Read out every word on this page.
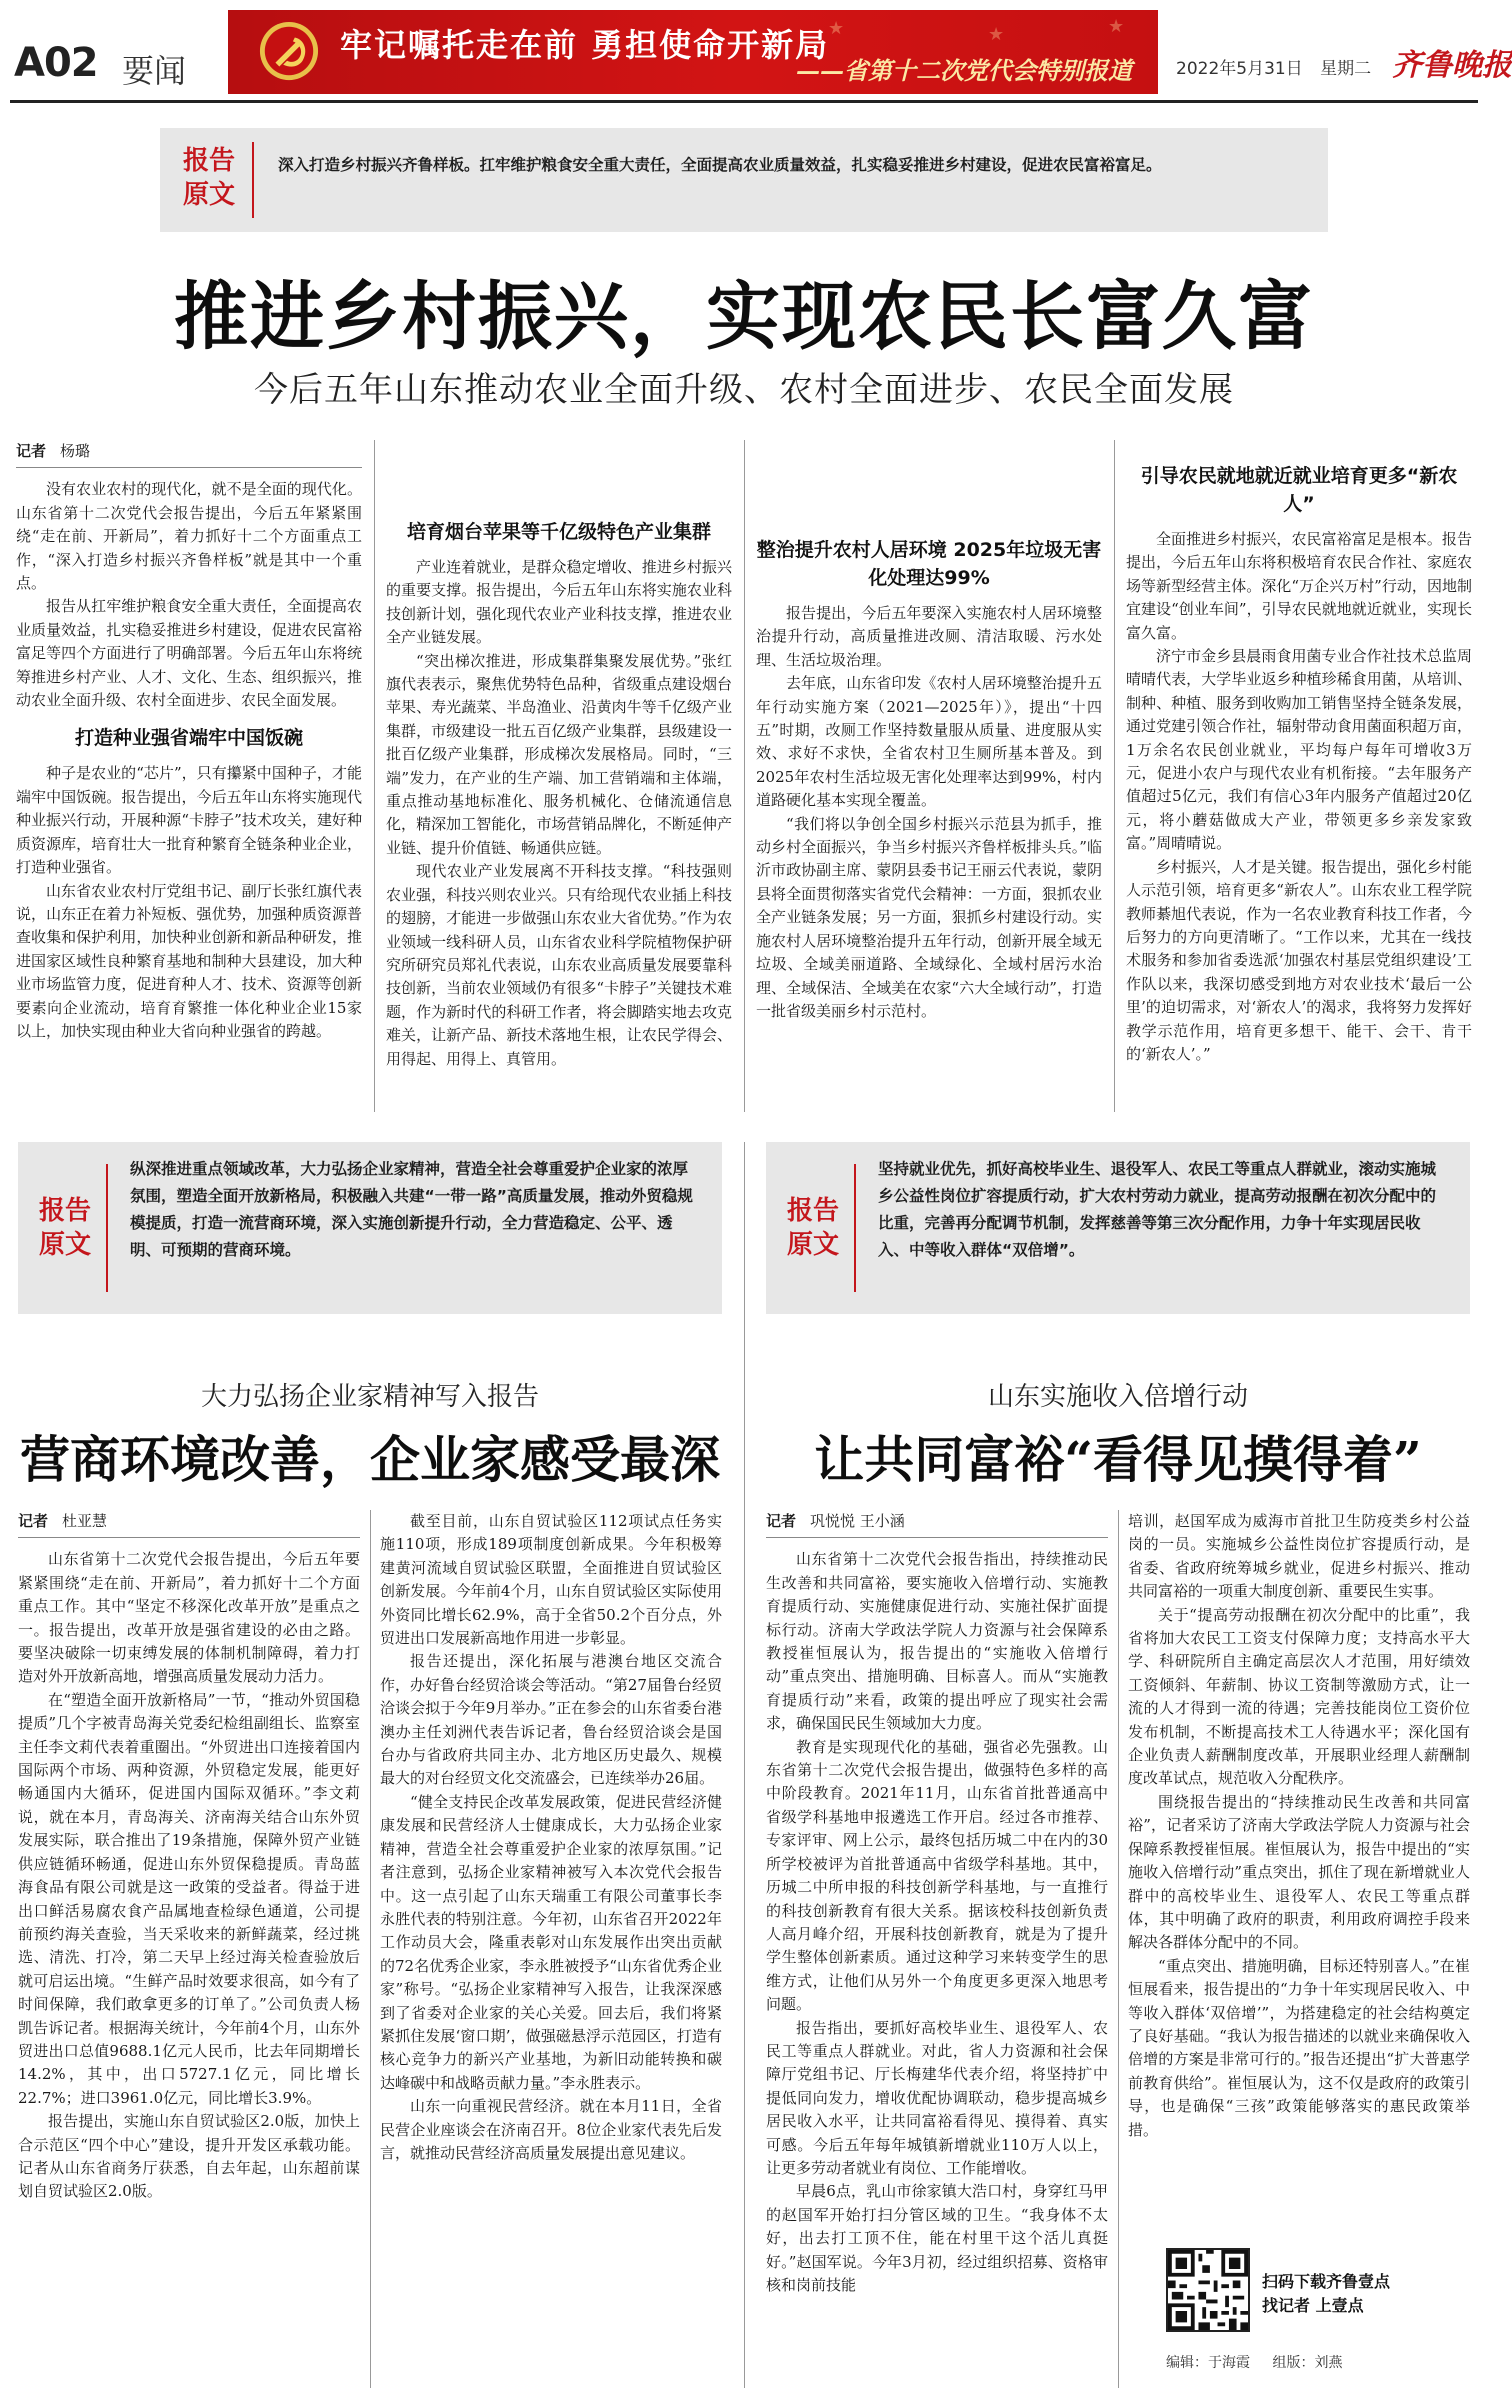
A02 要闻
★	★	★
牢记嘱托走在前 勇担使命开新局
——省第十二次党代会特别报道	2022年5月31日 星期二 齐鲁晚报
报告原文
深入打造乡村振兴齐鲁样板。扛牢维护粮食安全重大责任，全面提高农业质量效益，扎实稳妥推进乡村建设，促进农民富裕富足。
推进乡村振兴，实现农民长富久富
今后五年山东推动农业全面升级、农村全面进步、农民全面发展
记者 杨璐

没有农业农村的现代化，就不是全面的现代化。山东省第十二次党代会报告提出，今后五年紧紧围绕“走在前、开新局”，着力抓好十二个方面重点工作，“深入打造乡村振兴齐鲁样板”就是其中一个重点。

报告从扛牢维护粮食安全重大责任，全面提高农业质量效益，扎实稳妥推进乡村建设，促进农民富裕富足等四个方面进行了明确部署。今后五年山东将统筹推进乡村产业、人才、文化、生态、组织振兴，推动农业全面升级、农村全面进步、农民全面发展。

打造种业强省端牢中国饭碗

种子是农业的“芯片”，只有攥紧中国种子，才能端牢中国饭碗。报告提出，今后五年山东将实施现代种业振兴行动，开展种源“卡脖子”技术攻关，建好种质资源库，培育壮大一批育种繁育全链条种业企业，打造种业强省。

山东省农业农村厅党组书记、副厅长张红旗代表说，山东正在着力补短板、强优势，加强种质资源普查收集和保护利用，加快种业创新和新品种研发，推进国家区域性良种繁育基地和制种大县建设，加大种业市场监管力度，促进育种人才、技术、资源等创新要素向企业流动，培育育繁推一体化种业企业15家以上，加快实现由种业大省向种业强省的跨越。

培育烟台苹果等千亿级特色产业集群

产业连着就业，是群众稳定增收、推进乡村振兴的重要支撑。报告提出，今后五年山东将实施农业科技创新计划，强化现代农业产业科技支撑，推进农业全产业链发展。

“突出梯次推进，形成集群集聚发展优势。”张红旗代表表示，聚焦优势特色品种，省级重点建设烟台苹果、寿光蔬菜、半岛渔业、沿黄肉牛等千亿级产业集群，市级建设一批五百亿级产业集群，县级建设一批百亿级产业集群，形成梯次发展格局。同时，“三端”发力，在产业的生产端、加工营销端和主体端，重点推动基地标准化、服务机械化、仓储流通信息化，精深加工智能化，市场营销品牌化，不断延伸产业链、提升价值链、畅通供应链。

现代农业产业发展离不开科技支撑。“科技强则农业强，科技兴则农业兴。只有给现代农业插上科技的翅膀，才能进一步做强山东农业大省优势。”作为农业领域一线科研人员，山东省农业科学院植物保护研究所研究员郑礼代表说，山东农业高质量发展要靠科技创新，当前农业领域仍有很多“卡脖子”关键技术难题，作为新时代的科研工作者，将会脚踏实地去攻克难关，让新产品、新技术落地生根，让农民学得会、用得起、用得上、真管用。

整治提升农村人居环境 2025年垃圾无害化处理达99%

报告提出，今后五年要深入实施农村人居环境整治提升行动，高质量推进改厕、清洁取暖、污水处理、生活垃圾治理。

去年底，山东省印发《农村人居环境整治提升五年行动实施方案（2021—2025年）》，提出“十四五”时期，改厕工作坚持数量服从质量、进度服从实效、求好不求快，全省农村卫生厕所基本普及。到2025年农村生活垃圾无害化处理率达到99%，村内道路硬化基本实现全覆盖。

“我们将以争创全国乡村振兴示范县为抓手，推动乡村全面振兴，争当乡村振兴齐鲁样板排头兵。”临沂市政协副主席、蒙阴县委书记王丽云代表说，蒙阴县将全面贯彻落实省党代会精神：一方面，狠抓农业全产业链条发展；另一方面，狠抓乡村建设行动。实施农村人居环境整治提升五年行动，创新开展全域无垃圾、全域美丽道路、全域绿化、全域村居污水治理、全域保洁、全域美在农家“六大全域行动”，打造一批省级美丽乡村示范村。

引导农民就地就近就业培育更多“新农人”

全面推进乡村振兴，农民富裕富足是根本。报告提出，今后五年山东将积极培育农民合作社、家庭农场等新型经营主体。深化“万企兴万村”行动，因地制宜建设“创业车间”，引导农民就地就近就业，实现长富久富。

济宁市金乡县晨雨食用菌专业合作社技术总监周晴晴代表，大学毕业返乡种植珍稀食用菌，从培训、制种、种植、服务到收购加工销售坚持全链条发展，通过党建引领合作社，辐射带动食用菌面积超万亩，1万余名农民创业就业，平均每户每年可增收3万元，促进小农户与现代农业有机衔接。“去年服务产值超过5亿元，我们有信心3年内服务产值超过20亿元，将小蘑菇做成大产业，带领更多乡亲发家致富。”周晴晴说。

乡村振兴，人才是关键。报告提出，强化乡村能人示范引领，培育更多“新农人”。山东农业工程学院教师綦旭代表说，作为一名农业教育科技工作者，今后努力的方向更清晰了。“工作以来，尤其在一线技术服务和参加省委选派‘加强农村基层党组织建设’工作队以来，我深切感受到地方对农业技术‘最后一公里’的迫切需求，对‘新农人’的渴求，我将努力发挥好教学示范作用，培育更多想干、能干、会干、肯干的‘新农人’。”

报告原文
纵深推进重点领域改革，大力弘扬企业家精神，营造全社会尊重爱护企业家的浓厚氛围，塑造全面开放新格局，积极融入共建“一带一路”高质量发展，推动外贸稳规模提质，打造一流营商环境，深入实施创新提升行动，全力营造稳定、公平、透明、可预期的营商环境。
报告原文
坚持就业优先，抓好高校毕业生、退役军人、农民工等重点人群就业，滚动实施城乡公益性岗位扩容提质行动，扩大农村劳动力就业，提高劳动报酬在初次分配中的比重，完善再分配调节机制，发挥慈善等第三次分配作用，力争十年实现居民收入、中等收入群体“双倍增”。
大力弘扬企业家精神写入报告
营商环境改善，企业家感受最深
记者 杜亚慧

山东省第十二次党代会报告提出，今后五年要紧紧围绕“走在前、开新局”，着力抓好十二个方面重点工作。其中“坚定不移深化改革开放”是重点之一。报告提出，改革开放是强省建设的必由之路。要坚决破除一切束缚发展的体制机制障碍，着力打造对外开放新高地，增强高质量发展动力活力。

在“塑造全面开放新格局”一节，“推动外贸国稳提质”几个字被青岛海关党委纪检组副组长、监察室主任李文莉代表着重圈出。“外贸进出口连接着国内国际两个市场、两种资源，外贸稳定发展，能更好畅通国内大循环，促进国内国际双循环。”李文莉说，就在本月，青岛海关、济南海关结合山东外贸发展实际，联合推出了19条措施，保障外贸产业链供应链循环畅通，促进山东外贸保稳提质。青岛蓝海食品有限公司就是这一政策的受益者。得益于进出口鲜活易腐农食产品属地查检绿色通道，公司提前预约海关查验，当天采收来的新鲜蔬菜，经过挑选、清洗、打冷，第二天早上经过海关检查验放后就可启运出境。“生鲜产品时效要求很高，如今有了时间保障，我们敢拿更多的订单了。”公司负责人杨凯告诉记者。根据海关统计，今年前4个月，山东外贸进出口总值9688.1亿元人民币，比去年同期增长14.2%，其中，出口5727.1亿元，同比增长22.7%；进口3961.0亿元，同比增长3.9%。

报告提出，实施山东自贸试验区2.0版，加快上合示范区“四个中心”建设，提升开发区承载功能。记者从山东省商务厅获悉，自去年起，山东超前谋划自贸试验区2.0版。

截至目前，山东自贸试验区112项试点任务实施110项，形成189项制度创新成果。今年积极筹建黄河流域自贸试验区联盟，全面推进自贸试验区创新发展。今年前4个月，山东自贸试验区实际使用外资同比增长62.9%，高于全省50.2个百分点，外贸进出口发展新高地作用进一步彰显。

报告还提出，深化拓展与港澳台地区交流合作，办好鲁台经贸洽谈会等活动。“第27届鲁台经贸洽谈会拟于今年9月举办。”正在参会的山东省委台港澳办主任刘洲代表告诉记者，鲁台经贸洽谈会是国台办与省政府共同主办、北方地区历史最久、规模最大的对台经贸文化交流盛会，已连续举办26届。

“健全支持民企改革发展政策，促进民营经济健康发展和民营经济人士健康成长，大力弘扬企业家精神，营造全社会尊重爱护企业家的浓厚氛围。”记者注意到，弘扬企业家精神被写入本次党代会报告中。这一点引起了山东天瑞重工有限公司董事长李永胜代表的特别注意。今年初，山东省召开2022年工作动员大会，隆重表彰对山东发展作出突出贡献的72名优秀企业家，李永胜被授予“山东省优秀企业家”称号。“弘扬企业家精神写入报告，让我深深感到了省委对企业家的关心关爱。回去后，我们将紧紧抓住发展‘窗口期’，做强磁悬浮示范园区，打造有核心竞争力的新兴产业基地，为新旧动能转换和碳达峰碳中和战略贡献力量。”李永胜表示。

山东一向重视民营经济。就在本月11日，全省民营企业座谈会在济南召开。8位企业家代表先后发言，就推动民营经济高质量发展提出意见建议。

山东实施收入倍增行动
让共同富裕“看得见摸得着”
记者 巩悦悦 王小涵

山东省第十二次党代会报告指出，持续推动民生改善和共同富裕，要实施收入倍增行动、实施教育提质行动、实施健康促进行动、实施社保扩面提标行动。济南大学政法学院人力资源与社会保障系教授崔恒展认为，报告提出的“实施收入倍增行动”重点突出、措施明确、目标喜人。而从“实施教育提质行动”来看，政策的提出呼应了现实社会需求，确保国民民生领域加大力度。

教育是实现现代化的基础，强省必先强教。山东省第十二次党代会报告提出，做强特色多样的高中阶段教育。2021年11月，山东省首批普通高中省级学科基地申报遴选工作开启。经过各市推荐、专家评审、网上公示，最终包括历城二中在内的30所学校被评为首批普通高中省级学科基地。其中，历城二中所申报的科技创新学科基地，与一直推行的科技创新教育有很大关系。据该校科技创新负责人高月峰介绍，开展科技创新教育，就是为了提升学生整体创新素质。通过这种学习来转变学生的思维方式，让他们从另外一个角度更多更深入地思考问题。

报告指出，要抓好高校毕业生、退役军人、农民工等重点人群就业。对此，省人力资源和社会保障厅党组书记、厅长梅建华代表介绍，将坚持扩中提低同向发力，增收优配协调联动，稳步提高城乡居民收入水平，让共同富裕看得见、摸得着、真实可感。今后五年每年城镇新增就业110万人以上，让更多劳动者就业有岗位、工作能增收。

早晨6点，乳山市徐家镇大浩口村，身穿红马甲的赵国军开始打扫分管区域的卫生。“我身体不太好，出去打工顶不住，能在村里干这个活儿真挺好。”赵国军说。今年3月初，经过组织招募、资格审核和岗前技能

培训，赵国军成为威海市首批卫生防疫类乡村公益岗的一员。实施城乡公益性岗位扩容提质行动，是省委、省政府统筹城乡就业，促进乡村振兴、推动共同富裕的一项重大制度创新、重要民生实事。

关于“提高劳动报酬在初次分配中的比重”，我省将加大农民工工资支付保障力度；支持高水平大学、科研院所自主确定高层次人才范围，用好绩效工资倾斜、年薪制、协议工资制等激励方式，让一流的人才得到一流的待遇；完善技能岗位工资价位发布机制，不断提高技术工人待遇水平；深化国有企业负责人薪酬制度改革，开展职业经理人薪酬制度改革试点，规范收入分配秩序。

围绕报告提出的“持续推动民生改善和共同富裕”，记者采访了济南大学政法学院人力资源与社会保障系教授崔恒展。崔恒展认为，报告中提出的“实施收入倍增行动”重点突出，抓住了现在新增就业人群中的高校毕业生、退役军人、农民工等重点群体，其中明确了政府的职责，利用政府调控手段来解决各群体分配中的不同。

“重点突出、措施明确，目标还特别喜人。”在崔恒展看来，报告提出的“力争十年实现居民收入、中等收入群体‘双倍增’”，为搭建稳定的社会结构奠定了良好基础。“我认为报告描述的以就业来确保收入倍增的方案是非常可行的。”报告还提出“扩大普惠学前教育供给”。崔恒展认为，这不仅是政府的政策引导，也是确保“三孩”政策能够落实的惠民政策举措。

扫码下载齐鲁壹点
找记者 上壹点
编辑：于海霞 组版：刘燕
